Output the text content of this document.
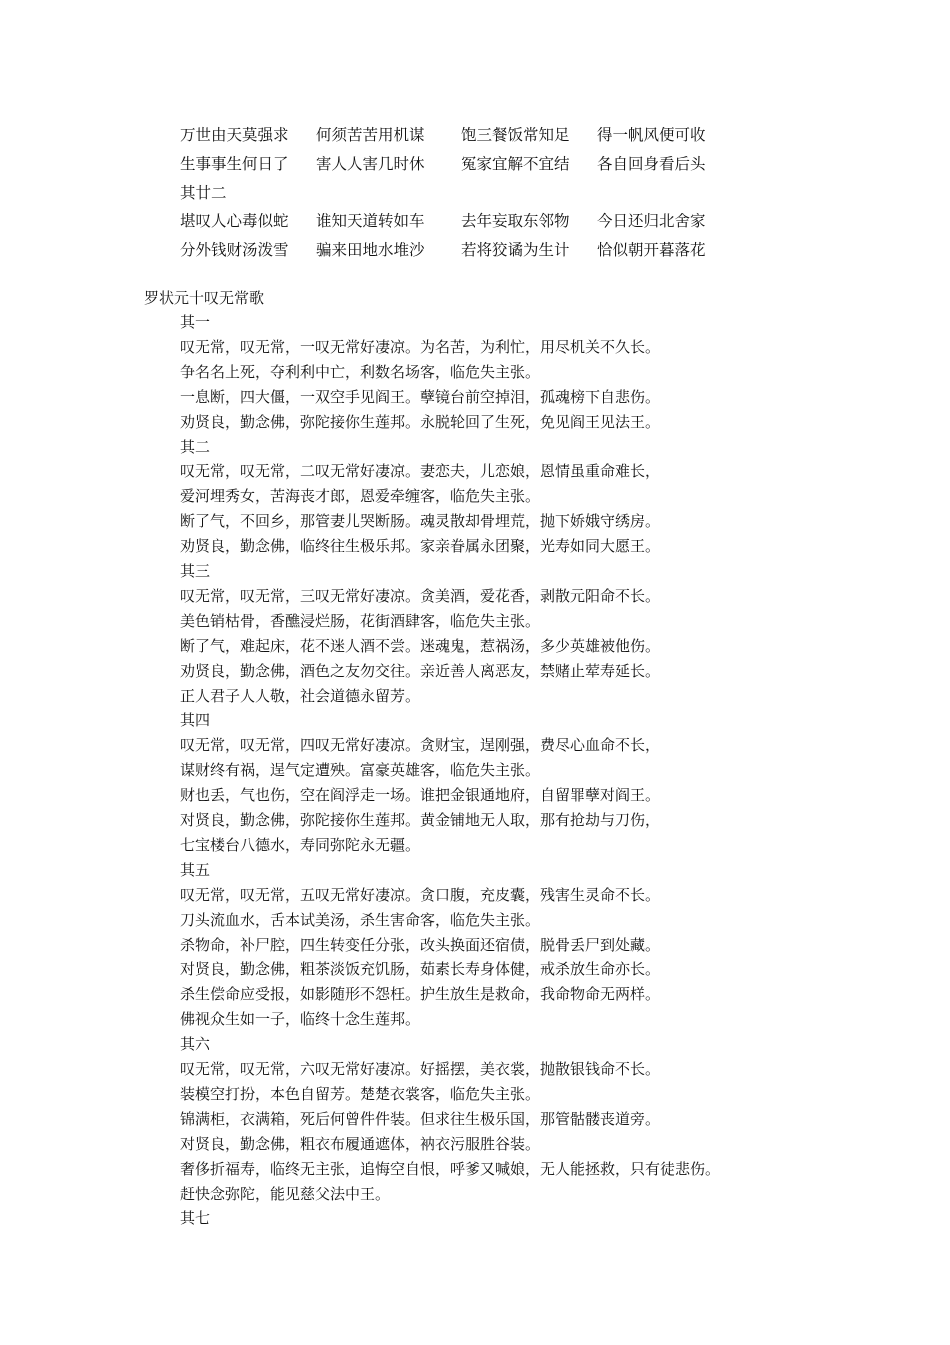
万世由天莫强求 何须苦苦用机谋 饱三餐饭常知足 得一帆风便可收
生事事生何日了 害人人害几时休 冤家宜解不宜结 各自回身看后头
其廿二
堪叹人心毒似蛇 谁知天道转如车 去年妄取东邻物 今日还归北舍家
分外钱财汤泼雪 骗来田地水堆沙 若将狡谲为生计 恰似朝开暮落花
罗状元十叹无常歌
其一
叹无常，叹无常，一叹无常好凄凉。为名苦，为利忙，用尽机关不久长。
争名名上死，夺利利中亡，利数名场客，临危失主张。
一息断，四大僵，一双空手见阎王。孽镜台前空掉泪，孤魂榜下自悲伤。
劝贤良，勤念佛，弥陀接你生莲邦。永脱轮回了生死，免见阎王见法王。
其二
叹无常，叹无常，二叹无常好凄凉。妻恋夫，儿恋娘，恩情虽重命难长，
爱河埋秀女，苦海丧才郎，恩爱牵缠客，临危失主张。
断了气，不回乡，那管妻儿哭断肠。魂灵散却骨埋荒，抛下娇娥守绣房。
劝贤良，勤念佛，临终往生极乐邦。家亲眷属永团聚，光寿如同大愿王。
其三
叹无常，叹无常，三叹无常好凄凉。贪美酒，爱花香，剥散元阳命不长。
美色销枯骨，香醮浸烂肠，花街酒肆客，临危失主张。
断了气，难起床，花不迷人酒不尝。迷魂鬼，惹祸汤，多少英雄被他伤。
劝贤良，勤念佛，酒色之友勿交往。亲近善人离恶友，禁赌止荤寿延长。
正人君子人人敬，社会道德永留芳。
其四
叹无常，叹无常，四叹无常好凄凉。贪财宝，逞刚强，费尽心血命不长，
谋财终有祸，逞气定遭殃。富豪英雄客，临危失主张。
财也丢，气也伤，空在阎浮走一场。谁把金银通地府，自留罪孽对阎王。
对贤良，勤念佛，弥陀接你生莲邦。黄金铺地无人取，那有抢劫与刀伤，
七宝楼台八德水，寿同弥陀永无疆。
其五
叹无常，叹无常，五叹无常好凄凉。贪口腹，充皮囊，残害生灵命不长。
刀头流血水，舌本试美汤，杀生害命客，临危失主张。
杀物命，补尸腔，四生转变任分张，改头换面还宿债，脱骨丢尸到处藏。
对贤良，勤念佛，粗茶淡饭充饥肠，茹素长寿身体健，戒杀放生命亦长。
杀生偿命应受报，如影随形不怨枉。护生放生是救命，我命物命无两样。
佛视众生如一子，临终十念生莲邦。
其六
叹无常，叹无常，六叹无常好凄凉。好摇摆，美衣裳，抛散银钱命不长。
装模空打扮，本色自留芳。楚楚衣裳客，临危失主张。
锦满柜，衣满箱，死后何曾件件装。但求往生极乐国，那管骷髅丧道旁。
对贤良，勤念佛，粗衣布履通遮体，衲衣污服胜谷装。
奢侈折福寿，临终无主张，追悔空自恨，呼爹又喊娘，无人能拯救，只有徒悲伤。
赶快念弥陀，能见慈父法中王。
其七
